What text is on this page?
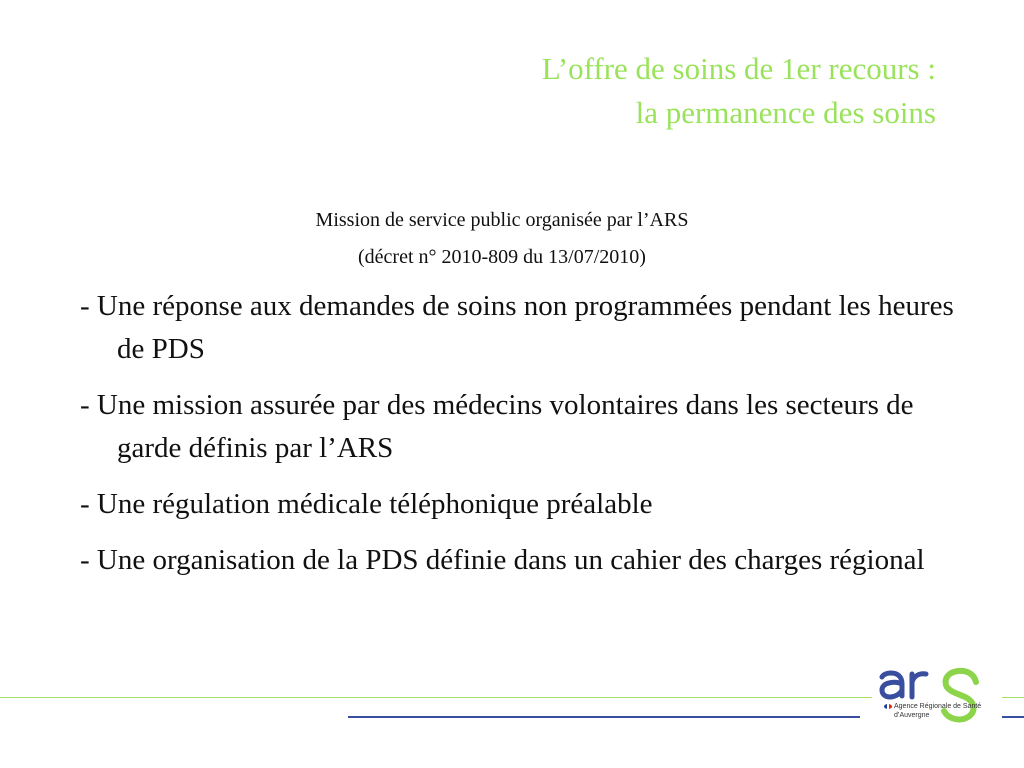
L’offre de soins de 1er recours :
la permanence des soins
Mission de service public organisée par l’ARS
(décret n° 2010-809 du 13/07/2010)
- Une réponse aux demandes de soins non programmées pendant les heures de PDS
- Une mission assurée par des médecins volontaires dans les secteurs de garde définis par l’ARS
- Une régulation médicale téléphonique préalable
- Une organisation de la PDS définie dans un cahier des charges régional
Agence Régionale de Santé
d’Auvergne
